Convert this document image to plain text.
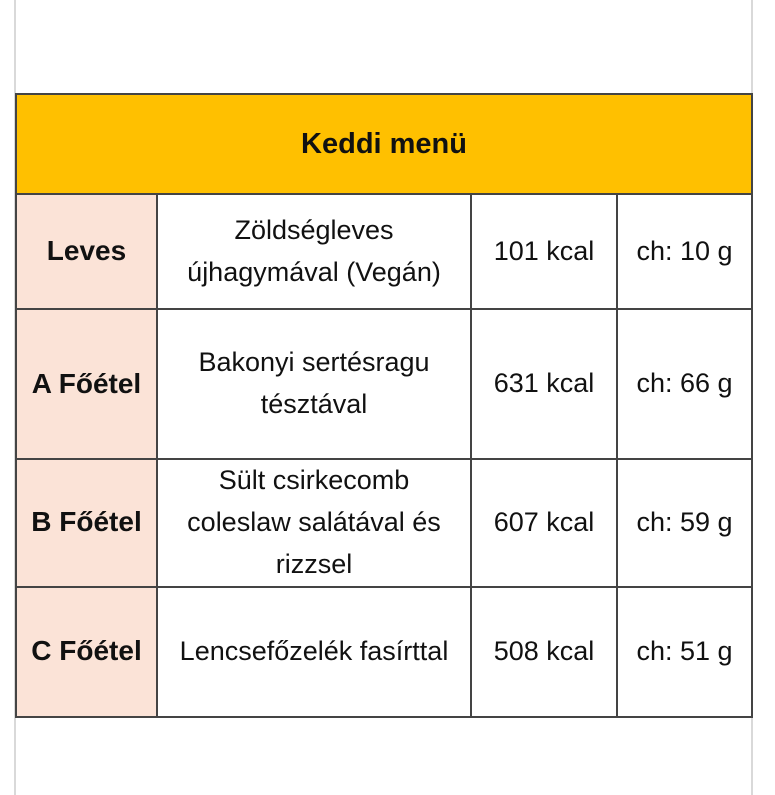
Keddi menü			
Leves	Zöldségleves újhagymával (Vegán)	101 kcal	ch: 10 g
A Főétel	Bakonyi sertésragu tésztával	631 kcal	ch: 66 g
B Főétel	Sült csirkecomb coleslaw salátával és rizzsel	607 kcal	ch: 59 g
C Főétel	Lencsefőzelék fasírttal	508 kcal	ch: 51 g
